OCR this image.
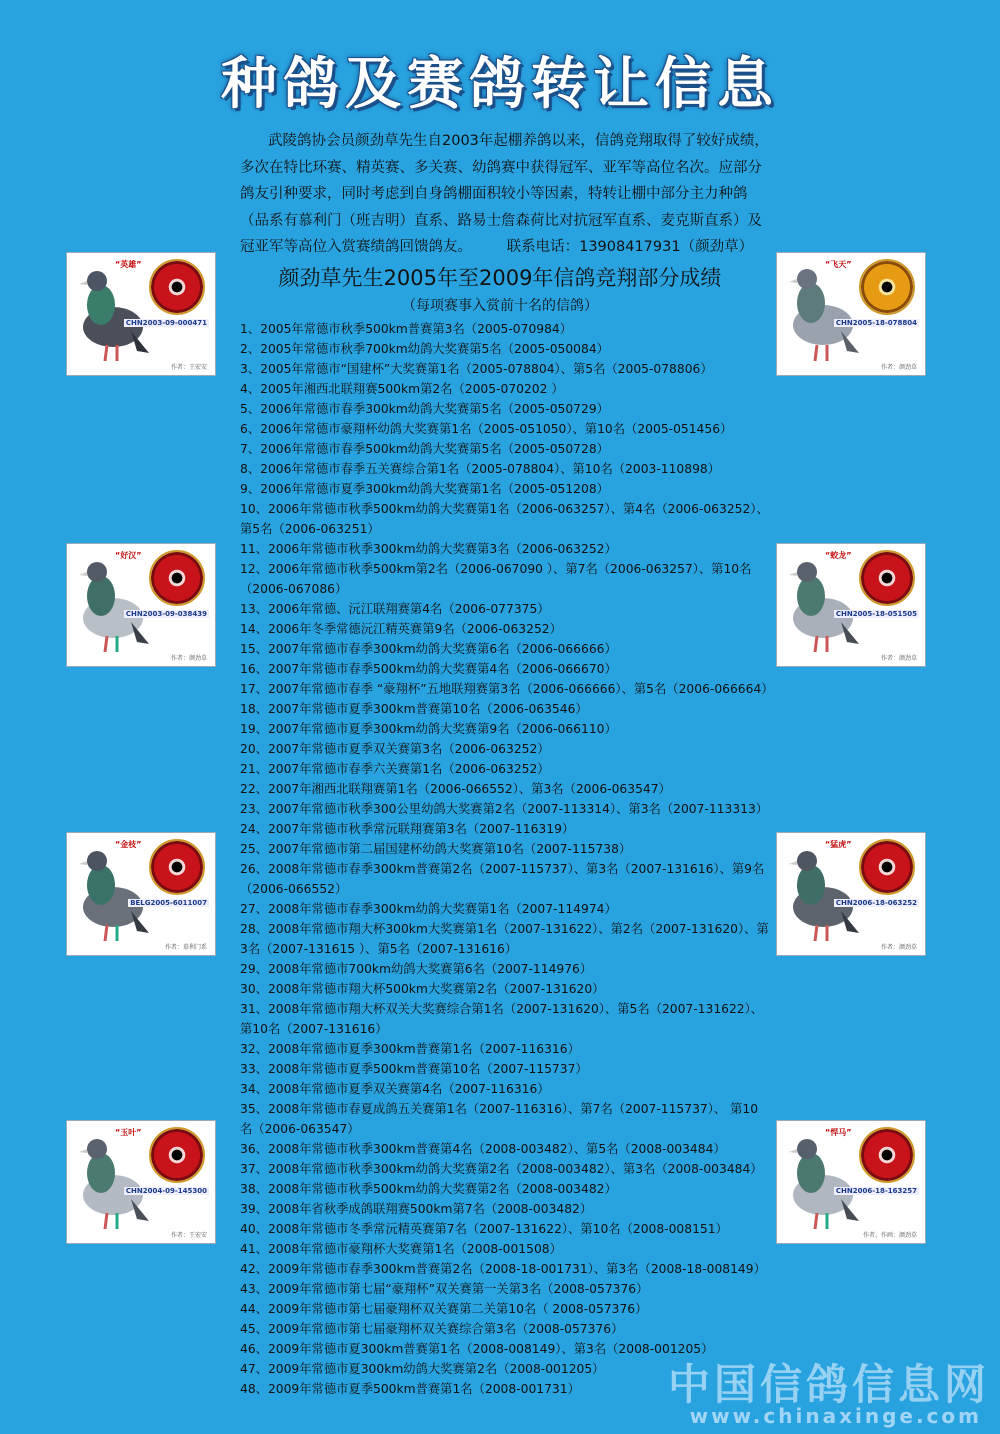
种鸽及赛鸽转让信息
武陵鸽协会员颜劲草先生自2003年起棚养鸽以来，信鸽竞翔取得了较好成绩，多次在特比环赛、精英赛、多关赛、幼鸽赛中获得冠军、亚军等高位名次。应部分鸽友引种要求，同时考虑到自身鸽棚面积较小等因素，特转让棚中部分主力种鸽（品系有慕利门（班吉明）直系、路易士詹森荷比对抗冠军直系、麦克斯直系）及冠亚军等高位入赏赛绩鸽回馈鸽友。 联系电话：13908417931（颜劲草）
颜劲草先生2005年至2009年信鸽竞翔部分成绩
（每项赛事入赏前十名的信鸽）
1、2005年常德市秋季500km普赛第3名（2005-070984）
2、2005年常德市秋季700km幼鸽大奖赛第5名（2005-050084）
3、2005年常德市“国建杯”大奖赛第1名（2005-078804）、第5名（2005-078806）
4、2005年湘西北联翔赛500km第2名（2005-070202 ）
5、2006年常德市春季300km幼鸽大奖赛第5名（2005-050729）
6、2006年常德市豪翔杯幼鸽大奖赛第1名（2005-051050）、第10名（2005-051456）
7、2006年常德市春季500km幼鸽大奖赛第5名（2005-050728）
8、2006年常德市春季五关赛综合第1名（2005-078804）、第10名（2003-110898）
9、2006年常德市夏季300km幼鸽大奖赛第1名（2005-051208）
10、2006年常德市秋季500km幼鸽大奖赛第1名（2006-063257）、第4名（2006-063252）、第5名（2006-063251）
11、2006年常德市秋季300km幼鸽大奖赛第3名（2006-063252）
12、2006年常德市秋季500km第2名（2006-067090 ）、第7名（2006-063257）、第10名（2006-067086）
13、2006年常德、沅江联翔赛第4名（2006-077375）
14、2006年冬季常德沅江精英赛第9名（2006-063252）
15、2007年常德市春季300km幼鸽大奖赛第6名（2006-066666）
16、2007年常德市春季500km幼鸽大奖赛第4名（2006-066670）
17、2007年常德市春季 “豪翔杯”五地联翔赛第3名（2006-066666）、第5名（2006-066664）
18、2007年常德市夏季300km普赛第10名（2006-063546）
19、2007年常德市夏季300km幼鸽大奖赛第9名（2006-066110）
20、2007年常德市夏季双关赛第3名（2006-063252）
21、2007年常德市春季六关赛第1名（2006-063252）
22、2007年湘西北联翔赛第1名（2006-066552）、第3名（2006-063547）
23、2007年常德市秋季300公里幼鸽大奖赛第2名（2007-113314）、第3名（2007-113313）
24、2007年常德市秋季常沅联翔赛第3名（2007-116319）
25、2007年常德市第二届国建杯幼鸽大奖赛第10名（2007-115738）
26、2008年常德市春季300km普赛第2名（2007-115737）、第3名（2007-131616）、第9名（2006-066552）
27、2008年常德市春季300km幼鸽大奖赛第1名（2007-114974）
28、2008年常德市翔大杯300km大奖赛第1名（2007-131622）、第2名（2007-131620）、第3名（2007-131615 ）、第5名（2007-131616）
29、2008年常德市700km幼鸽大奖赛第6名（2007-114976）
30、2008年常德市翔大杯500km大奖赛第2名（2007-131620）
31、2008年常德市翔大杯双关大奖赛综合第1名（2007-131620）、第5名（2007-131622）、第10名（2007-131616）
32、2008年常德市夏季300km普赛第1名（2007-116316）
33、2008年常德市夏季500km普赛第10名（2007-115737）
34、2008年常德市夏季双关赛第4名（2007-116316）
35、2008年常德市春夏成鸽五关赛第1名（2007-116316）、第7名（2007-115737）、 第10名（2006-063547）
36、2008年常德市秋季300km普赛第4名（2008-003482）、第5名（2008-003484）
37、2008年常德市秋季300km幼鸽大奖赛第2名（2008-003482）、第3名（2008-003484）
38、2008年常德市秋季500km幼鸽大奖赛第2名（2008-003482）
39、2008年省秋季成鸽联翔赛500km第7名（2008-003482）
40、2008年常德市冬季常沅精英赛第7名（2007-131622）、第10名（2008-008151）
41、2008年常德市豪翔杯大奖赛第1名（2008-001508）
42、2009年常德市春季300km普赛第2名（2008-18-001731）、第3名（2008-18-008149）
43、2009年常德市第七届“豪翔杯”双关赛第一关第3名（2008-057376）
44、2009年常德市第七届豪翔杯双关赛第二关第10名（ 2008-057376）
45、2009年常德市第七届豪翔杯双关赛综合第3名（2008-057376）
46、2009年常德市夏300km普赛第1名（2008-008149）、第3名（2008-001205）
47、2009年常德市夏300km幼鸽大奖赛第2名（2008-001205）
48、2009年常德市夏季500km普赛第1名（2008-001731）
“英雄”
CHN2003-09-000471
作者：王宏安
“飞天”
CHN2005-18-078804
作者：颜劲草
“好汉”
CHN2003-09-038439
作者：颜劲草
“蛟龙”
CHN2005-18-051505
作者：颜劲草
“金枝”
BELG2005-6011007
作者：慕利门系
“猛虎”
CHN2006-18-063252
作者：颜劲草
“玉叶”
CHN2004-09-145300
作者：王宏安
“悍马”
CHN2006-18-163257
作者、作画：颜劲草
中国信鸽信息网
www.chinaxinge.com
